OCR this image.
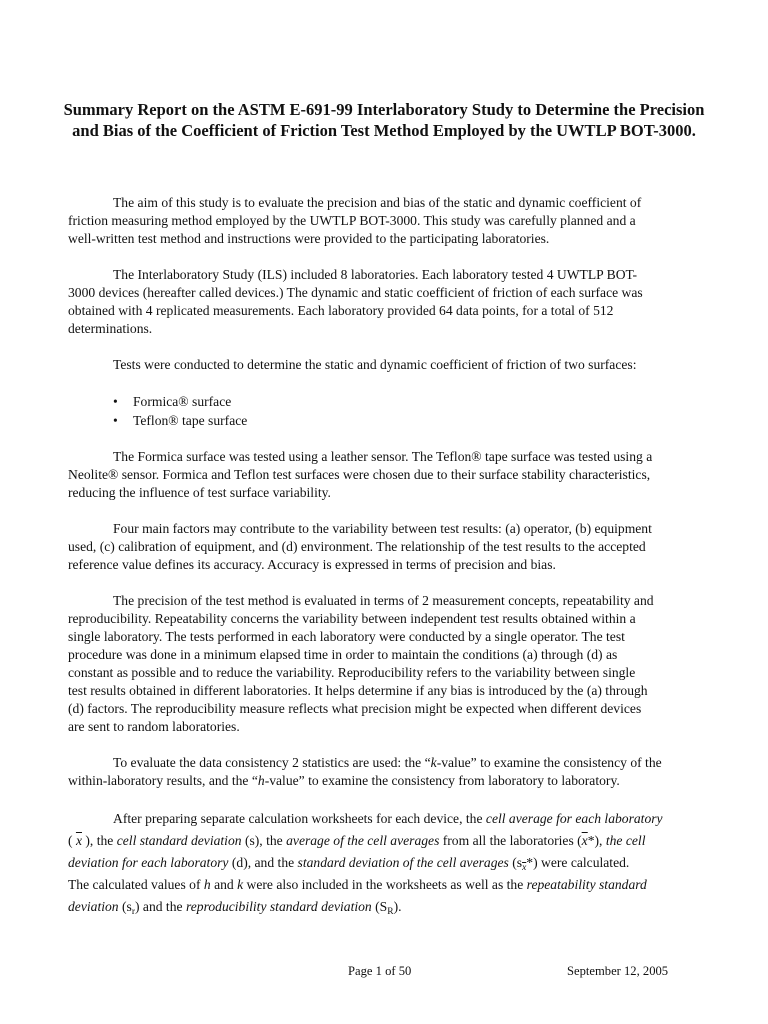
Summary Report on the ASTM E-691-99 Interlaboratory Study to Determine the Precision
and Bias of the Coefficient of Friction Test Method Employed by the UWTLP BOT-3000.

The aim of this study is to evaluate the precision and bias of the static and dynamic coefficient of
friction measuring method employed by the UWTLP BOT-3000. This study was carefully planned and a
well-written test method and instructions were provided to the participating laboratories.

The Interlaboratory Study (ILS) included 8 laboratories. Each laboratory tested 4 UWTLP BOT-
3000 devices (hereafter called devices.) The dynamic and static coefficient of friction of each surface was
obtained with 4 replicated measurements. Each laboratory provided 64 data points, for a total of 512
determinations.

Tests were conducted to determine the static and dynamic coefficient of friction of two surfaces:

• Formica® surface
• Teflon® tape surface

The Formica surface was tested using a leather sensor. The Teflon® tape surface was tested using a
Neolite® sensor. Formica and Teflon test surfaces were chosen due to their surface stability characteristics,
reducing the influence of test surface variability.

Four main factors may contribute to the variability between test results: (a) operator, (b) equipment
used, (c) calibration of equipment, and (d) environment. The relationship of the test results to the accepted
reference value defines its accuracy. Accuracy is expressed in terms of precision and bias.

The precision of the test method is evaluated in terms of 2 measurement concepts, repeatability and
reproducibility. Repeatability concerns the variability between independent test results obtained within a
single laboratory. The tests performed in each laboratory were conducted by a single operator. The test
procedure was done in a minimum elapsed time in order to maintain the conditions (a) through (d) as
constant as possible and to reduce the variability. Reproducibility refers to the variability between single
test results obtained in different laboratories. It helps determine if any bias is introduced by the (a) through
(d) factors. The reproducibility measure reflects what precision might be expected when different devices
are sent to random laboratories.

To evaluate the data consistency 2 statistics are used: the “k-value” to examine the consistency of the
within-laboratory results, and the “h-value” to examine the consistency from laboratory to laboratory.

After preparing separate calculation worksheets for each device, the cell average for each laboratory
( $\overline{x}$ ), the cell standard deviation (s), the average of the cell averages from all the laboratories $(\overline{x}*)$, the cell
deviation for each laboratory (d), and the standard deviation of the cell averages $(s_{\overline{x}}*)$ were calculated.
The calculated values of h and k were also included in the worksheets as well as the repeatability standard
deviation $(s_r)$ and the reproducibility standard deviation $(S_R)$.

Page 1 of 50	September 12, 2005
